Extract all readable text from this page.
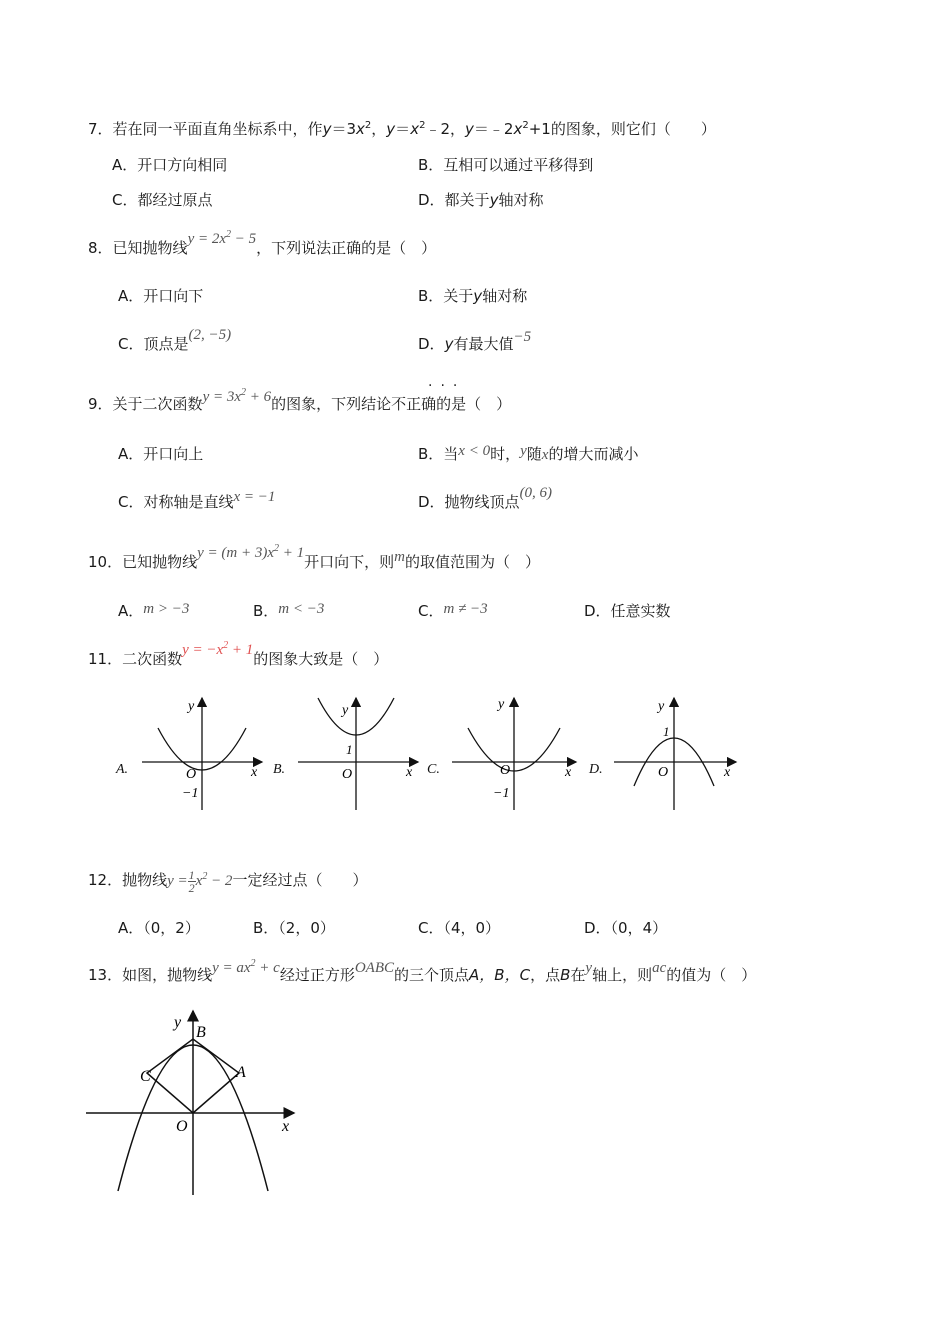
7．若在同一平面直角坐标系中，作$y=3x^2$，$y=x^2﹣2$，$y=﹣2x^2+1$的图象，则它们（　　）
A．开口方向相同	B．互相可以通过平移得到
C．都经过原点	D．都关于y轴对称
8．已知抛物线$y = 2x^2 - 5$，下列说法正确的是（　）
A．开口向下	B．关于y轴对称
C．顶点是(2, −5)	D．y有最大值−5
···
9．关于二次函数$y = 3x^2 + 6$的图象，下列结论不正确的是（　）
A．开口向上	B．当x < 0时，y随x的增大而减小
C．对称轴是直线x = −1	D．抛物线顶点(0, 6)
10．已知抛物线$y = (m + 3)x^2 + 1$开口向下，则m的取值范围为（　）
A．m > −3	B．m < −3	C．m ≠ −3	D．任意实数
11．二次函数$y = -x^2 + 1$的图象大致是（　）
A.
y
x
O
−1
B.
y
x
O
1
C.
y
x
O
−1
D.
y
x
O
1
12．抛物线$y = \frac{1}{2} x^2 - 2$一定经过点（　　）
A．（0，2）	B．（2，0）	C．（4，0）	D．（0，4）
13．如图，抛物线$y = ax^2 + c$经过正方形OABC的三个顶点A，B，C，点B在y轴上，则ac的值为（　）
y
B
C	A
O	x
